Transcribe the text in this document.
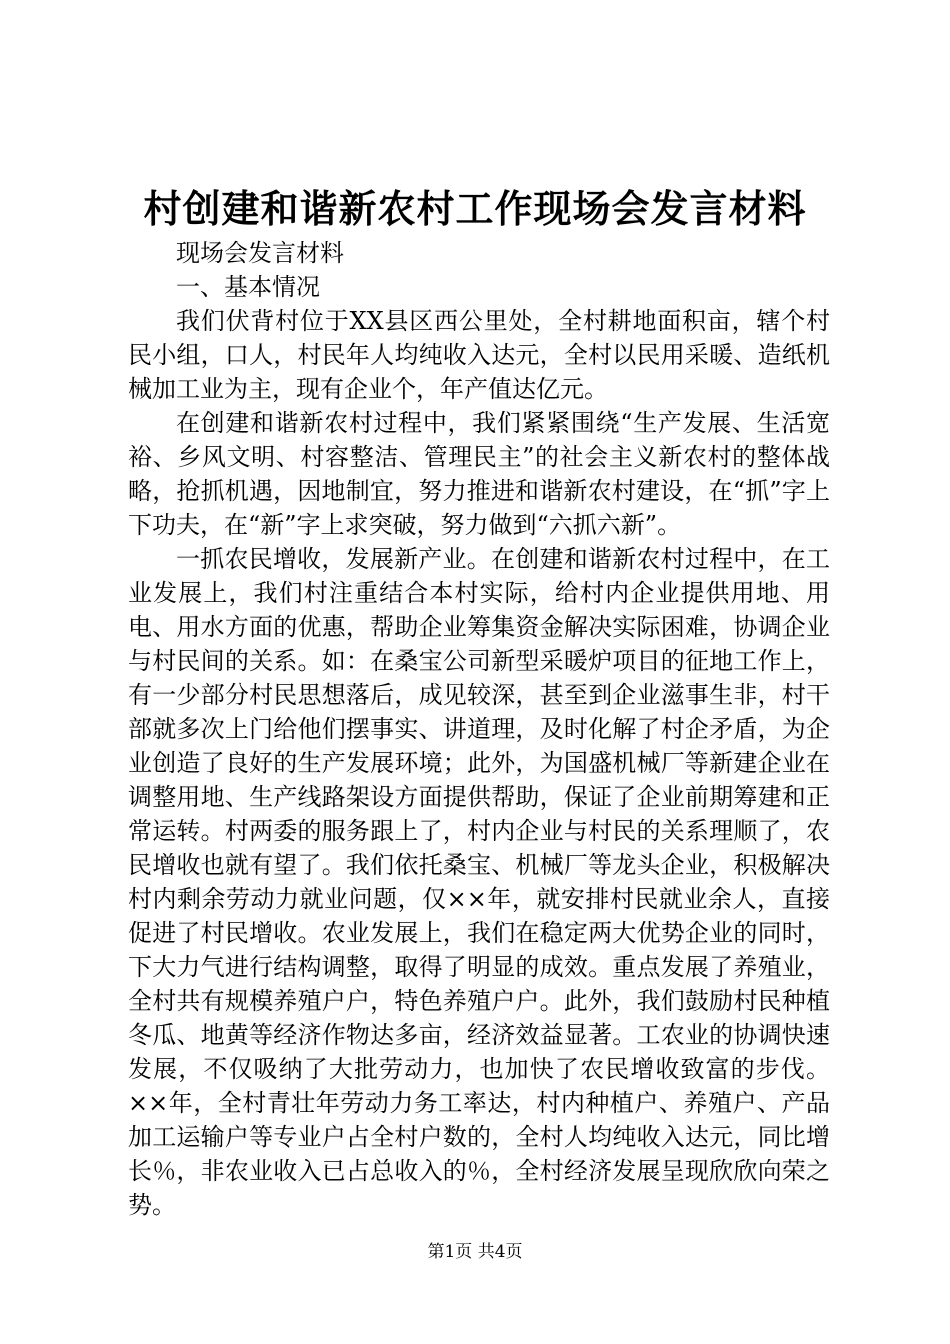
村创建和谐新农村工作现场会发言材料

现场会发言材料

一、基本情况

我们伏背村位于XX县区西公里处，全村耕地面积亩，辖个村民小组，口人，村民年人均纯收入达元，全村以民用采暖、造纸机械加工业为主，现有企业个，年产值达亿元。

在创建和谐新农村过程中，我们紧紧围绕“生产发展、生活宽裕、乡风文明、村容整洁、管理民主”的社会主义新农村的整体战略，抢抓机遇，因地制宜，努力推进和谐新农村建设，在“抓”字上下功夫，在“新”字上求突破，努力做到“六抓六新”。

一抓农民增收，发展新产业。在创建和谐新农村过程中，在工业发展上，我们村注重结合本村实际，给村内企业提供用地、用电、用水方面的优惠，帮助企业筹集资金解决实际困难，协调企业与村民间的关系。如：在桑宝公司新型采暖炉项目的征地工作上，有一少部分村民思想落后，成见较深，甚至到企业滋事生非，村干部就多次上门给他们摆事实、讲道理，及时化解了村企矛盾，为企业创造了良好的生产发展环境；此外，为国盛机械厂等新建企业在调整用地、生产线路架设方面提供帮助，保证了企业前期筹建和正常运转。村两委的服务跟上了，村内企业与村民的关系理顺了，农民增收也就有望了。我们依托桑宝、机械厂等龙头企业，积极解决村内剩余劳动力就业问题，仅××年，就安排村民就业余人，直接促进了村民增收。农业发展上，我们在稳定两大优势企业的同时，下大力气进行结构调整，取得了明显的成效。重点发展了养殖业，全村共有规模养殖户户，特色养殖户户。此外，我们鼓励村民种植冬瓜、地黄等经济作物达多亩，经济效益显著。工农业的协调快速发展，不仅吸纳了大批劳动力，也加快了农民增收致富的步伐。××年，全村青壮年劳动力务工率达，村内种植户、养殖户、产品加工运输户等专业户占全村户数的，全村人均纯收入达元，同比增长％，非农业收入已占总收入的％，全村经济发展呈现欣欣向荣之势。

第1页 共4页
